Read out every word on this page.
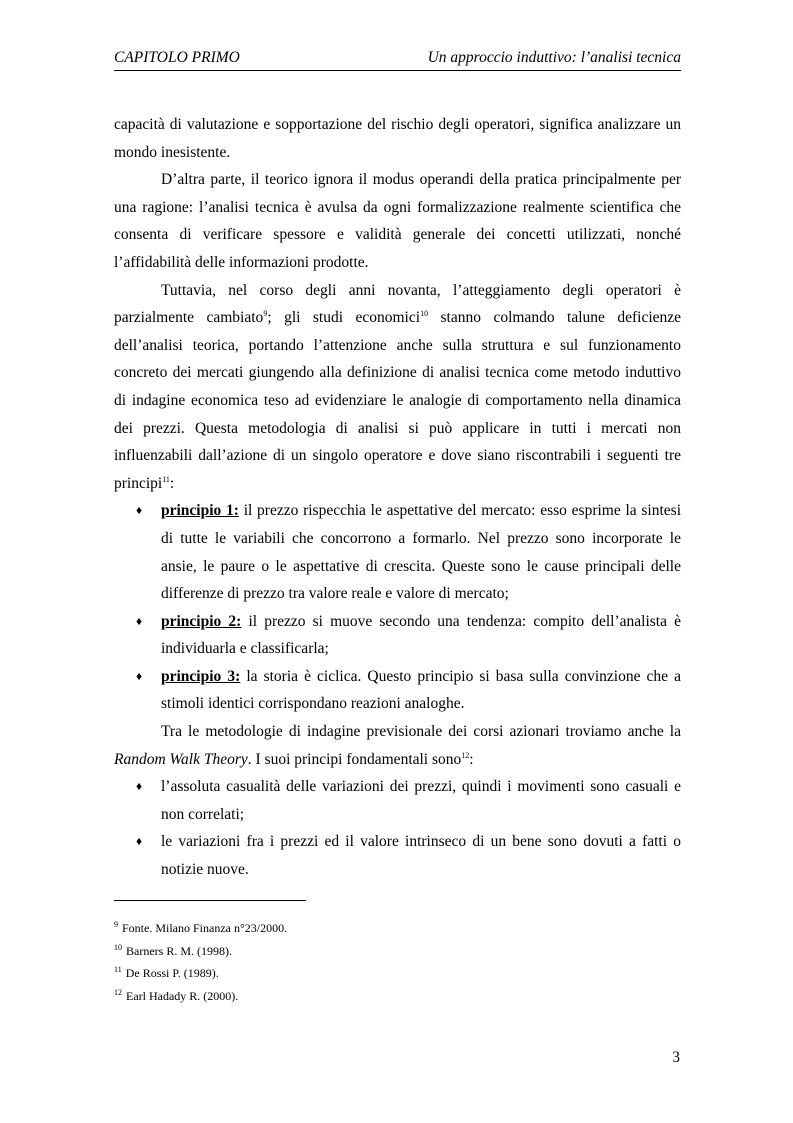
CAPITOLO PRIMO	Un approccio induttivo: l’analisi tecnica

capacità di valutazione e sopportazione del rischio degli operatori, significa analizzare un mondo inesistente.

D’altra parte, il teorico ignora il modus operandi della pratica principalmente per una ragione: l’analisi tecnica è avulsa da ogni formalizzazione realmente scientifica che consenta di verificare spessore e validità generale dei concetti utilizzati, nonché l’affidabilità delle informazioni prodotte.

Tuttavia, nel corso degli anni novanta, l’atteggiamento degli operatori è parzialmente cambiato$^9$; gli studi economici$^{10}$ stanno colmando talune deficienze dell’analisi teorica, portando l’attenzione anche sulla struttura e sul funzionamento concreto dei mercati giungendo alla definizione di analisi tecnica come metodo induttivo di indagine economica teso ad evidenziare le analogie di comportamento nella dinamica dei prezzi. Questa metodologia di analisi si può applicare in tutti i mercati non influenzabili dall’azione di un singolo operatore e dove siano riscontrabili i seguenti tre principi$^{11}$:

♦ principio 1: il prezzo rispecchia le aspettative del mercato: esso esprime la sintesi di tutte le variabili che concorrono a formarlo. Nel prezzo sono incorporate le ansie, le paure o le aspettative di crescita. Queste sono le cause principali delle differenze di prezzo tra valore reale e valore di mercato;
♦ principio 2: il prezzo si muove secondo una tendenza: compito dell’analista è individuarla e classificarla;
♦ principio 3: la storia è ciclica. Questo principio si basa sulla convinzione che a stimoli identici corrispondano reazioni analoghe.

Tra le metodologie di indagine previsionale dei corsi azionari troviamo anche la Random Walk Theory. I suoi principi fondamentali sono$^{12}$:

♦ l’assoluta casualità delle variazioni dei prezzi, quindi i movimenti sono casuali e non correlati;
♦ le variazioni fra i prezzi ed il valore intrinseco di un bene sono dovuti a fatti o notizie nuove.
$^9$ Fonte. Milano Finanza n°23/2000.
$^{10}$ Barners R. M. (1998).
$^{11}$ De Rossi P. (1989).
$^{12}$ Earl Hadady R. (2000).
3
